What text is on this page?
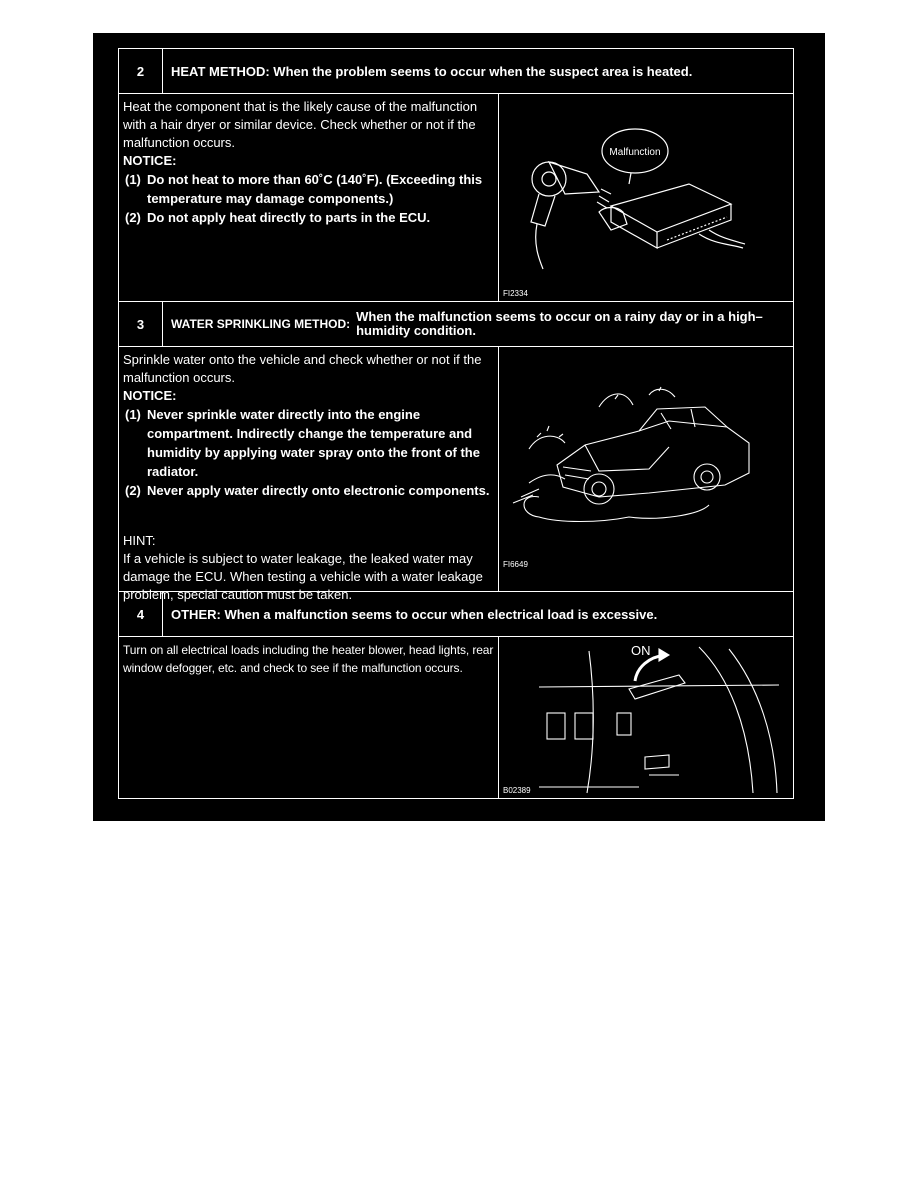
2	HEAT METHOD: When the problem seems to occur when the suspect area is heated.

Heat the component that is the likely cause of the malfunction with a hair dryer or similar device. Check whether or not if the malfunction occurs.

NOTICE:

(1) Do not heat to more than 60˚C (140˚F). (Exceeding this temperature may damage components.)
(2) Do not apply heat directly to parts in the ECU.
Malfunction
FI2334
3	WATER SPRINKLING METHOD: When the malfunction seems to occur on a rainy day or in a high–humidity condition.

Sprinkle water onto the vehicle and check whether or not if the malfunction occurs.

NOTICE:

(1) Never sprinkle water directly into the engine compartment. Indirectly change the temperature and humidity by applying water spray onto the front of the radiator.
(2) Never apply water directly onto electronic components.

HINT:

If a vehicle is subject to water leakage, the leaked water may damage the ECU. When testing a vehicle with a water leakage problem, special caution must be taken.

FI6649
4	OTHER: When a malfunction seems to occur when electrical load is excessive.

Turn on all electrical loads including the heater blower, head lights, rear window defogger, etc. and check to see if the malfunction occurs.

ON
B02389
